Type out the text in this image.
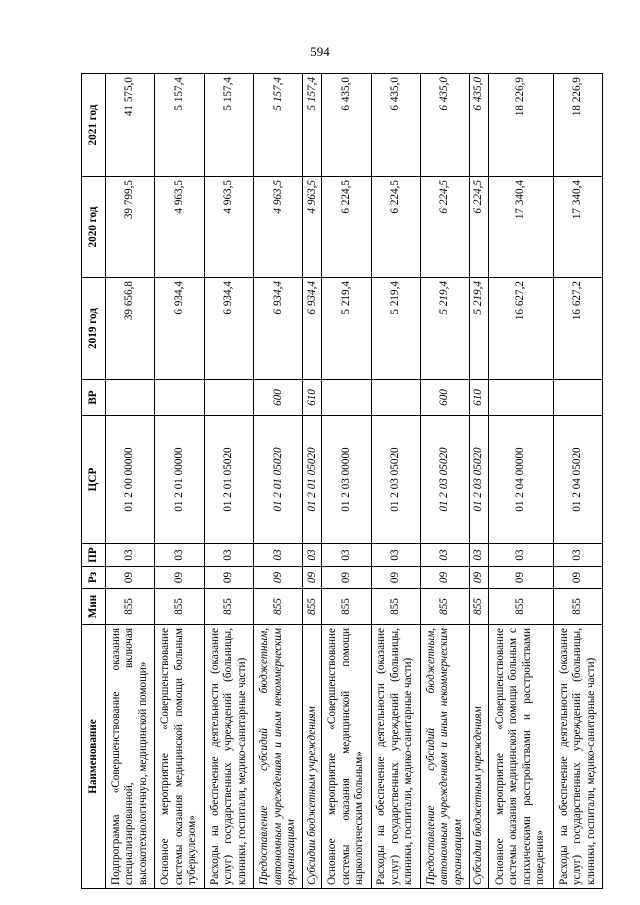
594
Наименование	Мин	Рз	ПР	ЦСР	ВР	2019 год	2020 год	2021 год
Подпрограмма «Совершенствование оказания специализированной, включая высокотехнологичную, медицинской помощи»	855	09	03	01 2 00 00000		39 656,8	39 799,5	41 575,0
Основное мероприятие «Совершенствование системы оказания медицинской помощи больным туберкулезом»	855	09	03	01 2 01 00000		6 934,4	4 963,5	5 157,4
Расходы на обеспечение деятельности (оказание услуг) государственных учреждений (больницы, клиники, госпитали, медико-санитарные части)	855	09	03	01 2 01 05020		6 934,4	4 963,5	5 157,4
Предоставление субсидий бюджетным, автономным учреждениям и иным некоммерческим организациям	855	09	03	01 2 01 05020	600	6 934,4	4 963,5	5 157,4
Субсидии бюджетным учреждениям	855	09	03	01 2 01 05020	610	6 934,4	4 963,5	5 157,4
Основное мероприятие «Совершенствование системы оказания медицинской помощи наркологическим больным»	855	09	03	01 2 03 00000		5 219,4	6 224,5	6 435,0
Расходы на обеспечение деятельности (оказание услуг) государственных учреждений (больницы, клиники, госпитали, медико-санитарные части)	855	09	03	01 2 03 05020		5 219,4	6 224,5	6 435,0
Предоставление субсидий бюджетным, автономным учреждениям и иным некоммерческим организациям	855	09	03	01 2 03 05020	600	5 219,4	6 224,5	6 435,0
Субсидии бюджетным учреждениям	855	09	03	01 2 03 05020	610	5 219,4	6 224,5	6 435,0
Основное мероприятие «Совершенствование системы оказания медицинской помощи больным с психическими расстройствами и расстройствами поведения»	855	09	03	01 2 04 00000		16 627,2	17 340,4	18 226,9
Расходы на обеспечение деятельности (оказание услуг) государственных учреждений (больницы, клиники, госпитали, медико-санитарные части)	855	09	03	01 2 04 05020		16 627,2	17 340,4	18 226,9
